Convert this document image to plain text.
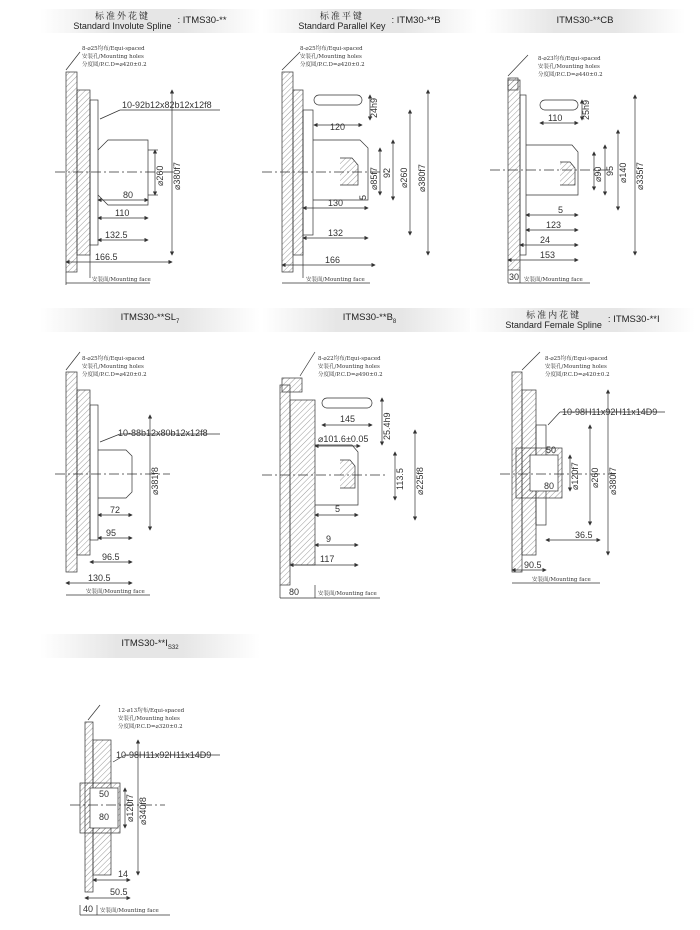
标准外花键
Standard Involute Spline : ITMS30-**	标准平键
Standard Parallel Key : ITM30-**B	ITMS30-**CB
$ITMS30-**SL_7$	$ITMS30-**B_8$
标准内花键
Standard Female Spline : ITMS30-**I
$ITMS30-**I_{S32}$
8-⌀25均布/Equi-spaced
安装孔/Mounting holes
分度圆/P.C.D=⌀420±0.2
10-92b12x82b12x12f8
⌀260 ⌀380f7
80
110
132.5
166.5
安装面/Mounting face
8-⌀25均布/Equi-spaced
安装孔/Mounting holes
分度圆/P.C.D=⌀420±0.2
120
24h9
⌀85f7 92 ⌀260 ⌀380f7
130
5
132
166
安装面/Mounting face
8-⌀23均布/Equi-spaced
安装孔/Mounting holes
分度圆/P.C.D=⌀440±0.2
110 25h9
⌀90 95 ⌀140 ⌀335f7
5
123
24
153
30 安装面/Mounting face
8-⌀25均布/Equi-spaced
安装孔/Mounting holes
分度圆/P.C.D=⌀420±0.2
10-88b12x80b12x12f8
⌀381f8
72
95
96.5
130.5
安装面/Mounting face
8-⌀22均布/Equi-spaced
安装孔/Mounting holes
分度圆/P.C.D=⌀490±0.2
145	25.4h9
⌀101.6±0.05
113.5 ⌀225f8
5
9
117
80	安装面/Mounting face
8-⌀25均布/Equi-spaced
安装孔/Mounting holes
分度圆/P.C.D=⌀420±0.2
10-98H11x92H11x14D9
50
⌀120f7 ⌀260 ⌀380f7
80
36.5
90.5
安装面/Mounting face
12-⌀13均布/Equi-spaced
安装孔/Mounting holes
分度圆/P.C.D=⌀320±0.2
10-98H11x92H11x14D9
50
⌀120f7 ⌀340f8
80
14
50.5
40 安装面/Mounting face
